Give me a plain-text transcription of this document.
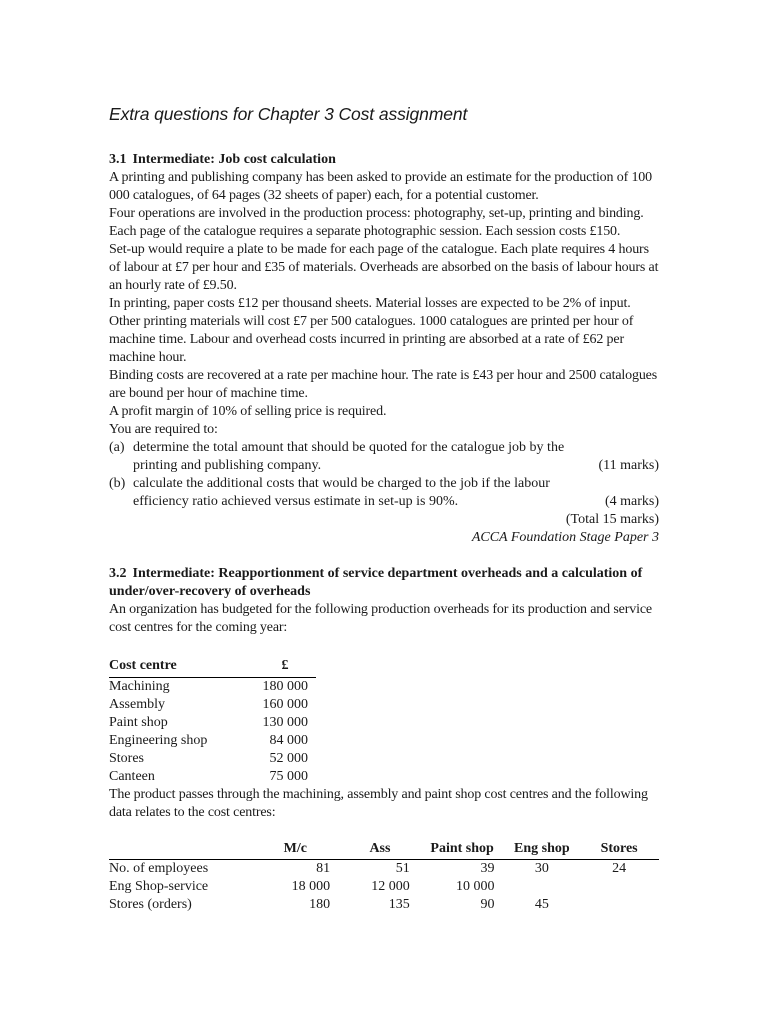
Extra questions for Chapter 3 Cost assignment
3.1 Intermediate: Job cost calculation

A printing and publishing company has been asked to provide an estimate for the production of 100 000 catalogues, of 64 pages (32 sheets of paper) each, for a potential customer.

Four operations are involved in the production process: photography, set-up, printing and binding.

Each page of the catalogue requires a separate photographic session. Each session costs £150.

Set-up would require a plate to be made for each page of the catalogue. Each plate requires 4 hours of labour at £7 per hour and £35 of materials. Overheads are absorbed on the basis of labour hours at an hourly rate of £9.50.

In printing, paper costs £12 per thousand sheets. Material losses are expected to be 2% of input. Other printing materials will cost £7 per 500 catalogues. 1000 catalogues are printed per hour of machine time. Labour and overhead costs incurred in printing are absorbed at a rate of £62 per machine hour.

Binding costs are recovered at a rate per machine hour. The rate is £43 per hour and 2500 catalogues are bound per hour of machine time.

A profit margin of 10% of selling price is required.

You are required to:

(a) determine the total amount that should be quoted for the catalogue job by the printing and publishing company.	(11 marks)
(b) calculate the additional costs that would be charged to the job if the labour efficiency ratio achieved versus estimate in set-up is 90%.	(4 marks)
(Total 15 marks)
ACCA Foundation Stage Paper 3
3.2 Intermediate: Reapportionment of service department overheads and a calculation of under/over-recovery of overheads

An organization has budgeted for the following production overheads for its production and service cost centres for the coming year:

Cost centre	£
Machining	180 000
Assembly	160 000
Paint shop	130 000
Engineering shop	84 000
Stores	52 000
Canteen	75 000

The product passes through the machining, assembly and paint shop cost centres and the following data relates to the cost centres:

	M/c	Ass	Paint shop	Eng shop	Stores
No. of employees	81	51	39	30	24
Eng Shop-service	18 000	12 000	10 000		
Stores (orders)	180	135	90	45	
